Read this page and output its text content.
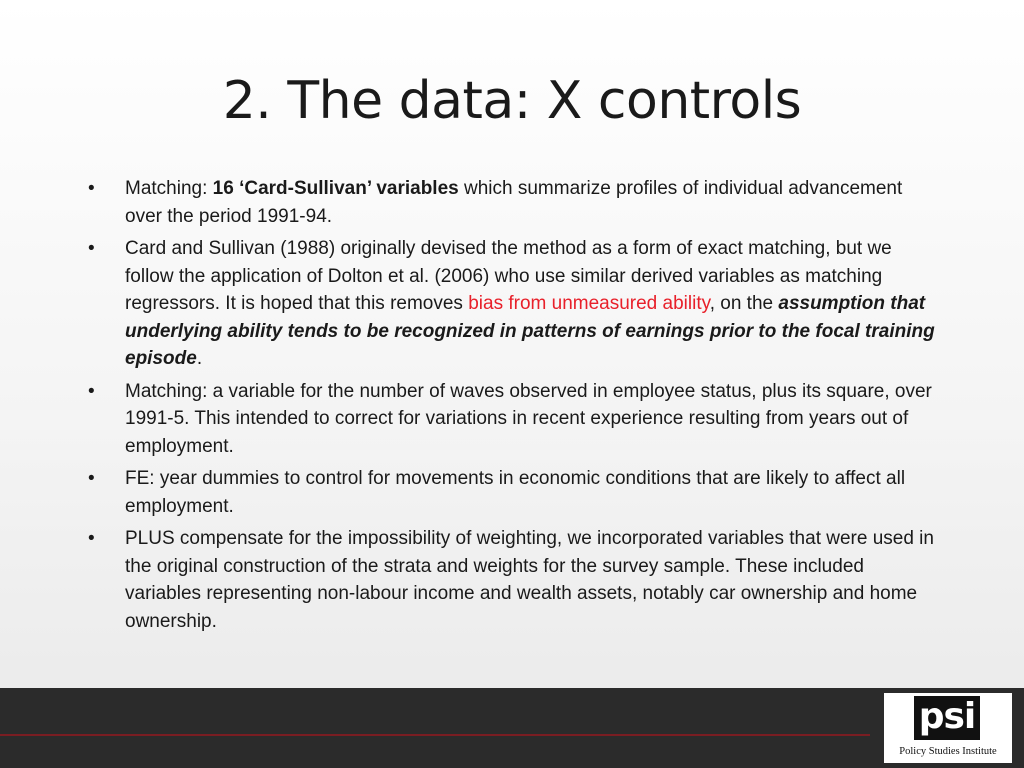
2. The data: X controls
• Matching: 16 ‘Card-Sullivan’ variables which summarize profiles of individual advancement over the period 1991-94.
• Card and Sullivan (1988) originally devised the method as a form of exact matching, but we follow the application of Dolton et al. (2006) who use similar derived variables as matching regressors. It is hoped that this removes bias from unmeasured ability, on the assumption that underlying ability tends to be recognized in patterns of earnings prior to the focal training episode.
• Matching: a variable for the number of waves observed in employee status, plus its square, over 1991-5. This intended to correct for variations in recent experience resulting from years out of employment.
• FE: year dummies to control for movements in economic conditions that are likely to affect all employment.
• PLUS compensate for the impossibility of weighting, we incorporated variables that were used in the original construction of the strata and weights for the survey sample. These included variables representing non-labour income and wealth assets, notably car ownership and home ownership.
psi
Policy Studies Institute
